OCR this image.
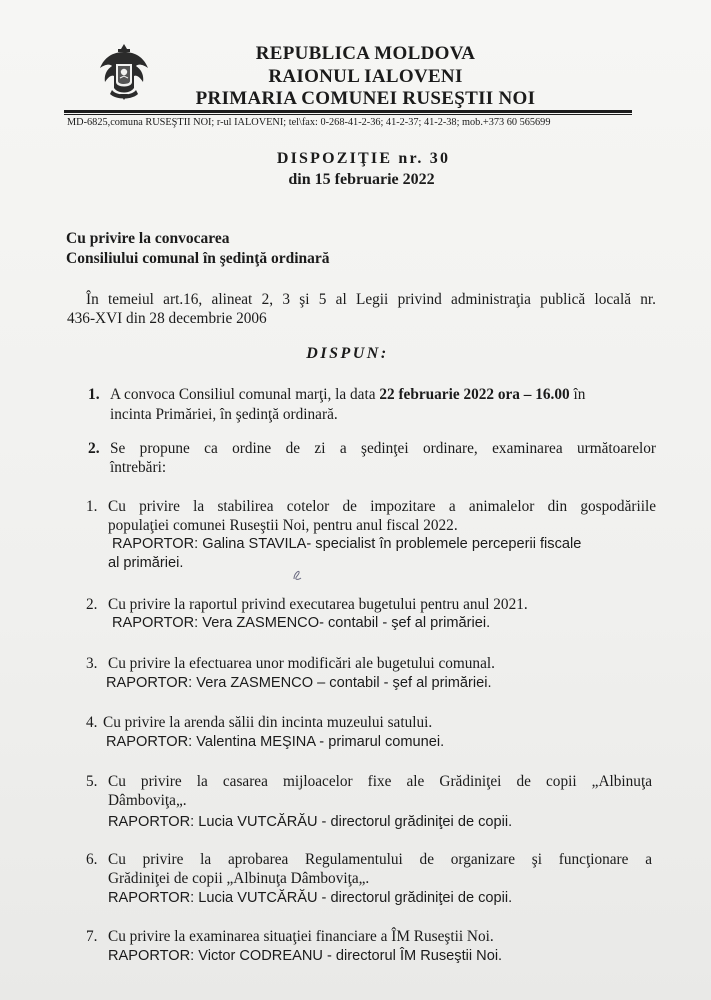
REPUBLICA MOLDOVA
RAIONUL IALOVENI
PRIMARIA COMUNEI RUSEŞTII NOI
MD-6825,comuna RUSEŞTII NOI; r-ul IALOVENI; tel\fax: 0-268-41-2-36; 41-2-37; 41-2-38; mob.+373 60 565699
DISPOZIŢIE nr. 30
din 15 februarie 2022
Cu privire la convocarea
Consiliului comunal în şedinţă ordinară
În temeiul art.16, alineat 2, 3 şi 5 al Legii privind administraţia publică locală nr.
436-XVI din 28 decembrie 2006
DISPUN:
1. A convoca Consiliul comunal marţi, la data 22 februarie 2022 ora – 16.00 în
incinta Primăriei, în şedinţă ordinară.
2. Se propune ca ordine de zi a şedinţei ordinare, examinarea următoarelor
întrebări:
1. Cu privire la stabilirea cotelor de impozitare a animalelor din gospodăriile
populaţiei comunei Ruseştii Noi, pentru anul fiscal 2022.
RAPORTOR: Galina STAVILA- specialist în problemele perceperii fiscale
al primăriei.
2. Cu privire la raportul privind executarea bugetului pentru anul 2021.
RAPORTOR: Vera ZASMENCO- contabil - şef al primăriei.
3. Cu privire la efectuarea unor modificări ale bugetului comunal.
RAPORTOR: Vera ZASMENCO – contabil - şef al primăriei.
4. Cu privire la arenda sălii din incinta muzeului satului.
RAPORTOR: Valentina MEŞINA - primarul comunei.
5. Cu privire la casarea mijloacelor fixe ale Grădiniţei de copii „Albinuţa
Dâmboviţa„.
RAPORTOR: Lucia VUTCĂRĂU - directorul grădiniţei de copii.
6. Cu privire la aprobarea Regulamentului de organizare şi funcţionare a
Grădiniţei de copii „Albinuţa Dâmboviţa„.
RAPORTOR: Lucia VUTCĂRĂU - directorul grădiniţei de copii.
7. Cu privire la examinarea situaţiei financiare a ÎM Ruseştii Noi.
RAPORTOR: Victor CODREANU - directorul ÎM Ruseştii Noi.
